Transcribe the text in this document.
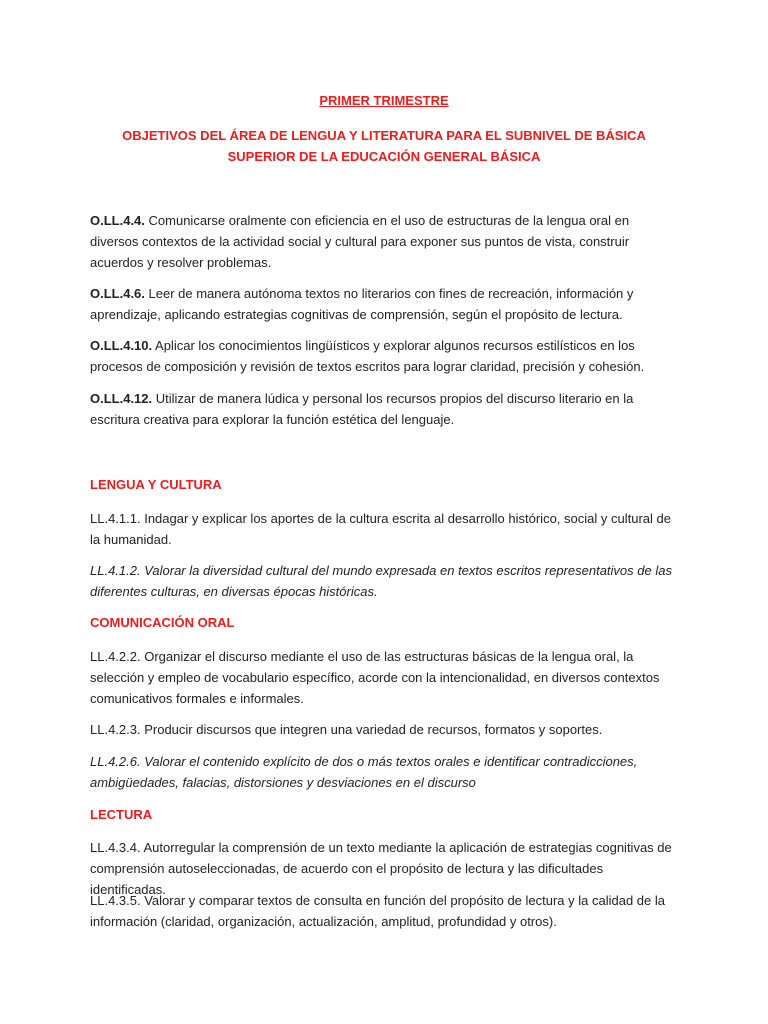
PRIMER TRIMESTRE
OBJETIVOS DEL ÁREA DE LENGUA Y LITERATURA PARA EL SUBNIVEL DE BÁSICA SUPERIOR DE LA EDUCACIÓN GENERAL BÁSICA

O.LL.4.4. Comunicarse oralmente con eficiencia en el uso de estructuras de la lengua oral en diversos contextos de la actividad social y cultural para exponer sus puntos de vista, construir acuerdos y resolver problemas.

O.LL.4.6. Leer de manera autónoma textos no literarios con fines de recreación, información y aprendizaje, aplicando estrategias cognitivas de comprensión, según el propósito de lectura.

O.LL.4.10. Aplicar los conocimientos lingüísticos y explorar algunos recursos estilísticos en los procesos de composición y revisión de textos escritos para lograr claridad, precisión y cohesión.

O.LL.4.12. Utilizar de manera lúdica y personal los recursos propios del discurso literario en la escritura creativa para explorar la función estética del lenguaje.

LENGUA Y CULTURA

LL.4.1.1. Indagar y explicar los aportes de la cultura escrita al desarrollo histórico, social y cultural de la humanidad.

LL.4.1.2. Valorar la diversidad cultural del mundo expresada en textos escritos representativos de las diferentes culturas, en diversas épocas históricas.

COMUNICACIÓN ORAL

LL.4.2.2. Organizar el discurso mediante el uso de las estructuras básicas de la lengua oral, la selección y empleo de vocabulario específico, acorde con la intencionalidad, en diversos contextos comunicativos formales e informales.

LL.4.2.3. Producir discursos que integren una variedad de recursos, formatos y soportes.

LL.4.2.6. Valorar el contenido explícito de dos o más textos orales e identificar contradicciones, ambigüedades, falacias, distorsiones y desviaciones en el discurso

LECTURA

LL.4.3.4. Autorregular la comprensión de un texto mediante la aplicación de estrategias cognitivas de comprensión autoseleccionadas, de acuerdo con el propósito de lectura y las dificultades identificadas.

LL.4.3.5. Valorar y comparar textos de consulta en función del propósito de lectura y la calidad de la información (claridad, organización, actualización, amplitud, profundidad y otros).
